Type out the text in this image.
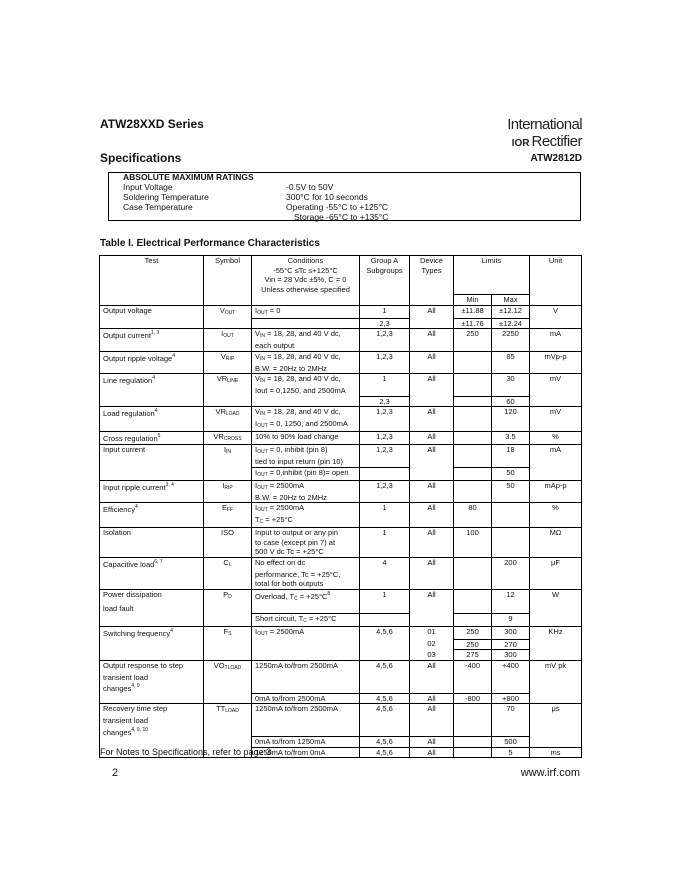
ATW28XXD Series
Specifications
International
IOR Rectifier
ATW2812D
ABSOLUTE MAXIMUM RATINGS
Input Voltage	-0.5V to 50V
Soldering Temperature	300°C for 10 seconds
Case Temperature	Operating -55°C to +125°C
Storage -65°C to +135°C
Table I. Electrical Performance Characteristics
Test	Symbol	Conditions	Group A	Device	Limits		Unit
		-55°C ≤Tc ≤+125°C	Subgroups	Types			
		Vin = 28 Vdc ±5%, C = 0					
		Unless otherwise specified					
					Min	Max	
Output voltage	$V_{OUT}$	$I_{OUT} = 0$	1	All	±11.88	±12.12	V
			2,3		±11.76	±12.24	
Output current$^{1, 3}$	$I_{OUT}$	$V_{IN} = 18$, 28, and 40 V dc,	1,2,3	All	250	2250	mA
		each output					
Output ripple voltage$^4$	$V_{RIP}$	$V_{IN} = 18$, 28, and 40 V dc,	1,2,3	All		85	mVp-p
		B.W. = 20Hz to 2MHz					
Line regulation$^4$	$VR_{LINE}$	$V_{IN} = 18$, 28, and 40 V dc,	1	All		30	mV
		Iout = 0,1250, and 2500mA					
			2,3			60	
Load regulation$^4$	$VR_{LOAD}$	$V_{IN} = 18$, 28, and 40 V dc,	1,2,3	All		120	mV
		$I_{OUT} = 0$, 1250, and 2500mA					
Cross regulation$^5$	$VR_{CROSS}$	10% to 90% load change	1,2,3	All		3.5	%
Input current	$I_{IN}$	$I_{OUT} = 0$, inhibit (pin 8)	1,2,3	All		18	mA
		tied to input return (pin 10)					
		$I_{OUT}$ = 0,inhibit (pin 8)= open				50	
Input ripple current$^{3, 4}$	$I_{RIP}$	$I_{OUT} = 2500mA$	1,2,3	All		50	mAp-p
		B.W. = 20Hz to 2MHz					
Efficiency$^4$	$E_{FF}$	$I_{OUT} = 2500mA$	1	All	80		%
		$T_C = +25^\circ C$					
Isolation	ISO	Input to output or any pin	1	All	100		MΩ
		to case (except pin 7) at					
		500 V dc Tc = +25°C					
Capacitive load$^{6, 7}$	$C_L$	No effect on dc	4	All		200	μF
		performance, Tc = +25°C,					
		total for both outputs					
Power dissipation	$P_D$	Overload, $T_C = +25^\circ C^8$	1	All		12	W
load fault							
		Short circuit, $T_C = +25^\circ C$				9	
Switching frequency$^4$	$F_S$	$I_{OUT} = 2500mA$	4,5,6	01	250	300	KHz
				02	250	270	
				03	275	300	
Output response to step	$VO_{TLOAD}$	1250mA to/from 2500mA	4,5,6	All	-400	+400	mV pk
transient load							
changes$^{4, 9}$							
		0mA to/from 2500mA	4,5,6	All	-800	+800	
Recovery time step	$TT_{LOAD}$	1250mA to/from 2500mA	4,5,6	All		70	μs
transient load							
changes$^{4, 9, 10}$							
		0mA to/from 1250mA	4,5,6	All		500	
		1250mA to/from 0mA	4,5,6	All		5	ms
For Notes to Specifications, refer to page 3
2	www.irf.com
